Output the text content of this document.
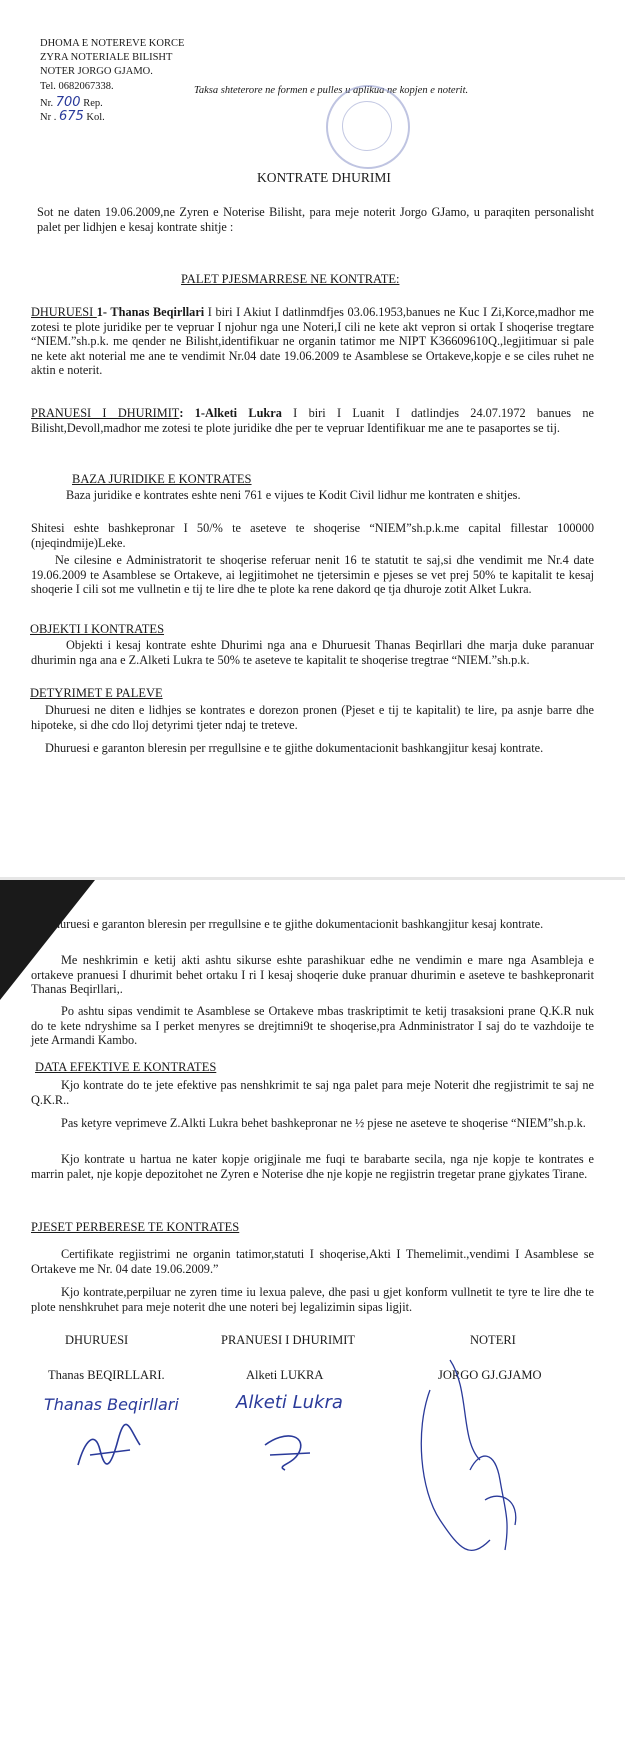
DHOMA E NOTEREVE KORCE
ZYRA NOTERIALE BILISHT
NOTER JORGO GJAMO.
Tel. 0682067338.
Nr. 700 Rep.
Nr . 675 Kol.
Taksa shteterore ne formen e pulles u aplikua ne kopjen e noterit.
KONTRATE DHURIMI
Sot ne daten 19.06.2009,ne Zyren e Noterise Bilisht, para meje noterit Jorgo GJamo, u paraqiten personalisht palet per lidhjen e kesaj kontrate shitje :
PALET PJESMARRESE NE KONTRATE:
DHURUESI 1- Thanas Beqirllari I biri I Akiut I datlinmdfjes 03.06.1953,banues ne Kuc I Zi,Korce,madhor me zotesi te plote juridike per te vepruar I njohur nga une Noteri,I cili ne kete akt vepron si ortak I shoqerise tregtare “NIEM.”sh.p.k. me qender ne Bilisht,identifikuar ne organin tatimor me NIPT K36609610Q.,legjitimuar si pale ne kete akt noterial me ane te vendimit Nr.04 date 19.06.2009 te Asamblese se Ortakeve,kopje e se ciles ruhet ne aktin e noterit.
PRANUESI I DHURIMIT: 1-Alketi Lukra I biri I Luanit I datlindjes 24.07.1972 banues ne Bilisht,Devoll,madhor me zotesi te plote juridike dhe per te vepruar Identifikuar me ane te pasaportes se tij.
BAZA JURIDIKE E KONTRATES
Baza juridike e kontrates eshte neni 761 e vijues te Kodit Civil lidhur me kontraten e shitjes.
Shitesi eshte bashkepronar I 50/% te aseteve te shoqerise “NIEM”sh.p.k.me capital fillestar 100000 (njeqindmije)Leke.
Ne cilesine e Administratorit te shoqerise referuar nenit 16 te statutit te saj,si dhe vendimit me Nr.4 date 19.06.2009 te Asamblese se Ortakeve, ai legjitimohet ne tjetersimin e pjeses se vet prej 50% te kapitalit te kesaj shoqerie I cili sot me vullnetin e tij te lire dhe te plote ka rene dakord qe tja dhuroje zotit Alket Lukra.
OBJEKTI I KONTRATES
Objekti i kesaj kontrate eshte Dhurimi nga ana e Dhuruesit Thanas Beqirllari dhe marja duke paranuar dhurimin nga ana e Z.Alketi Lukra te 50% te aseteve te kapitalit te shoqerise tregtrae “NIEM.”sh.p.k.
DETYRIMET E PALEVE
Dhuruesi ne diten e lidhjes se kontrates e dorezon pronen (Pjeset e tij te kapitalit) te lire, pa asnje barre dhe hipoteke, si dhe cdo lloj detyrimi tjeter ndaj te treteve.
Dhuruesi e garanton bleresin per rregullsine e te gjithe dokumentacionit bashkangjitur kesaj kontrate.
Dhuruesi e garanton bleresin per rregullsine e te gjithe dokumentacionit bashkangjitur kesaj kontrate.
Me neshkrimin e ketij akti ashtu sikurse eshte parashikuar edhe ne vendimin e mare nga Asambleja e ortakeve pranuesi I dhurimit behet ortaku I ri I kesaj shoqerie duke pranuar dhurimin e aseteve te bashkepronarit Thanas Beqirllari,.
Po ashtu sipas vendimit te Asamblese se Ortakeve mbas traskriptimit te ketij trasaksioni prane Q.K.R nuk do te kete ndryshime sa I perket menyres se drejtimni9t te shoqerise,pra Adnministrator I saj do te vazhdoije te jete Armandi Kambo.
DATA EFEKTIVE E KONTRATES
Kjo kontrate do te jete efektive pas nenshkrimit te saj nga palet para meje Noterit dhe regjistrimit te saj ne Q.K.R..
Pas ketyre veprimeve Z.Alkti Lukra behet bashkepronar ne ½ pjese ne aseteve te shoqerise “NIEM”sh.p.k.
Kjo kontrate u hartua ne kater kopje origjinale me fuqi te barabarte secila, nga nje kopje te kontrates e marrin palet, nje kopje depozitohet ne Zyren e Noterise dhe nje kopje ne regjistrin tregetar prane gjykates Tirane.
PJESET PERBERESE TE KONTRATES
Certifikate regjistrimi ne organin tatimor,statuti I shoqerise,Akti I Themelimit.,vendimi I Asamblese se Ortakeve me Nr. 04 date 19.06.2009.”
Kjo kontrate,perpiluar ne zyren time iu lexua paleve, dhe pasi u gjet konform vullnetit te tyre te lire dhe te plote nenshkruhet para meje noterit dhe une noteri bej legalizimin sipas ligjit.
DHURUESI	PRANUESI I DHURIMIT	NOTERI
Thanas BEQIRLLARI.	Alketi LUKRA	JORGO GJ.GJAMO
Thanas Beqirllari	Alketi Lukra
